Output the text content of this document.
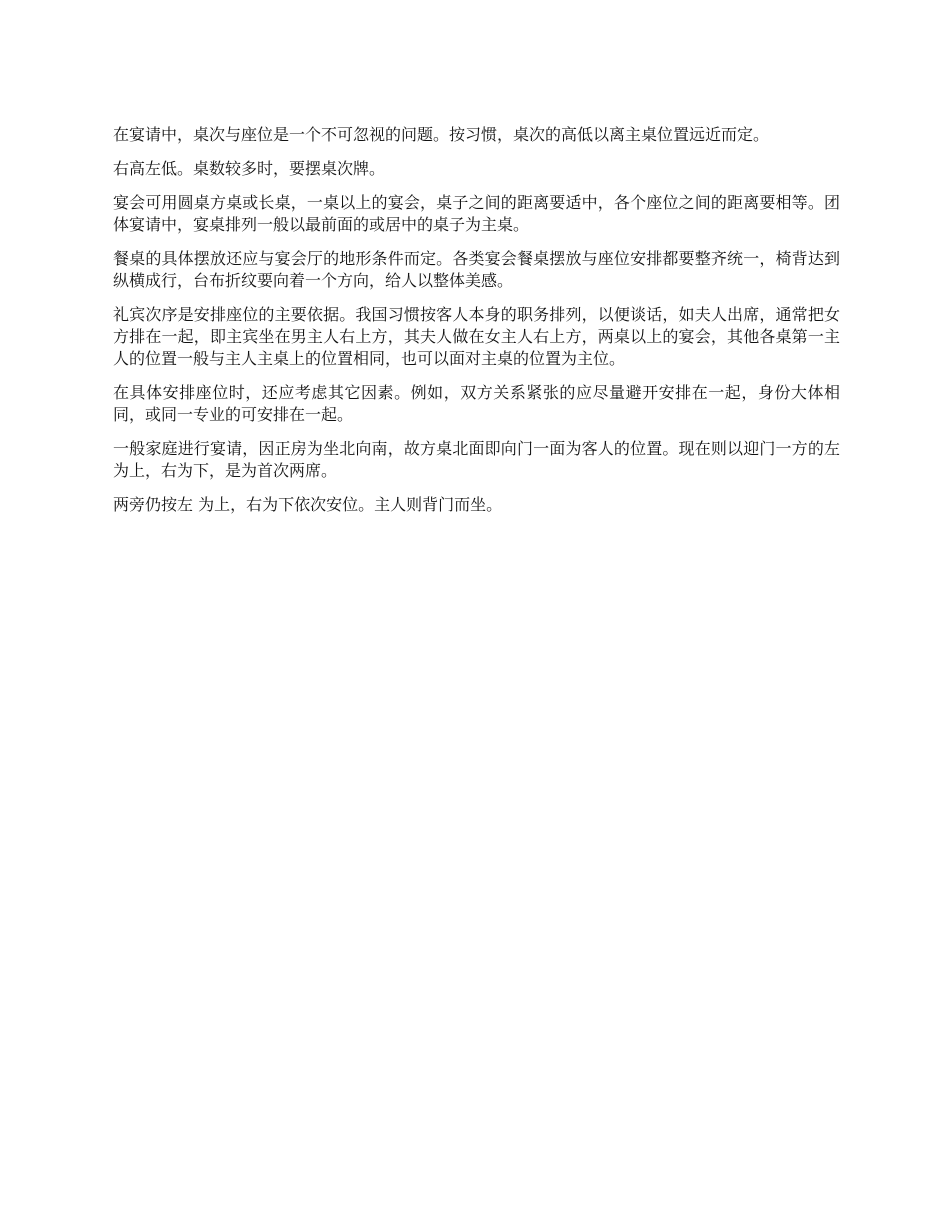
在宴请中，桌次与座位是一个不可忽视的问题。按习惯，桌次的高低以离主桌位置远近而定。

右高左低。桌数较多时，要摆桌次牌。

宴会可用圆桌方桌或长桌，一桌以上的宴会，桌子之间的距离要适中，各个座位之间的距离要相等。团体宴请中，宴桌排列一般以最前面的或居中的桌子为主桌。

餐桌的具体摆放还应与宴会厅的地形条件而定。各类宴会餐桌摆放与座位安排都要整齐统一，椅背达到纵横成行，台布折纹要向着一个方向，给人以整体美感。

礼宾次序是安排座位的主要依据。我国习惯按客人本身的职务排列，以便谈话，如夫人出席，通常把女方排在一起，即主宾坐在男主人右上方，其夫人做在女主人右上方，两桌以上的宴会，其他各桌第一主人的位置一般与主人主桌上的位置相同，也可以面对主桌的位置为主位。

在具体安排座位时，还应考虑其它因素。例如，双方关系紧张的应尽量避开安排在一起，身份大体相同，或同一专业的可安排在一起。

一般家庭进行宴请，因正房为坐北向南，故方桌北面即向门一面为客人的位置。现在则以迎门一方的左为上，右为下，是为首次两席。

两旁仍按左 为上，右为下依次安位。主人则背门而坐。
